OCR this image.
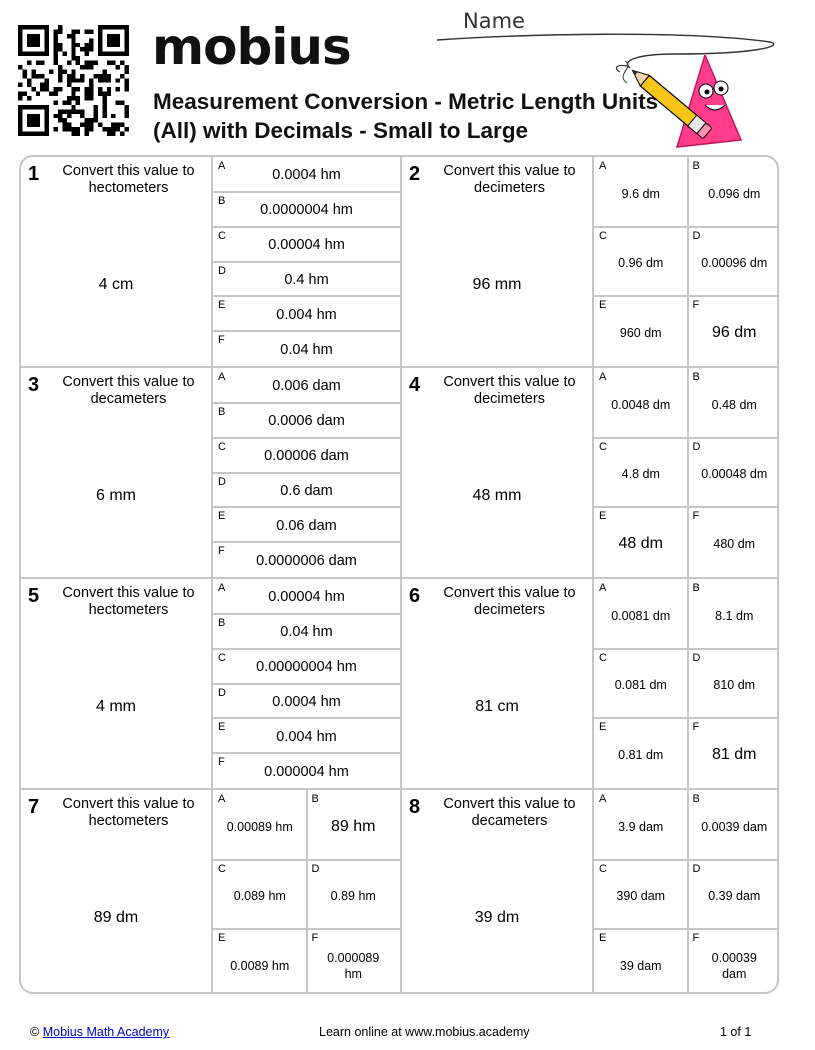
mobius
Measurement Conversion - Metric Length Units (All) with Decimals - Small to Large
Name
1	Convert this value to hectometers
4 cm
A
0.0004 hm
B
0.0000004 hm
C
0.00004 hm
D
0.4 hm
E
0.004 hm
F
0.04 hm
2	Convert this value to decimeters
96 mm
A
9.6 dm
B
0.096 dm
C
0.96 dm
D
0.00096 dm
E
960 dm
F
96 dm
3	Convert this value to decameters
6 mm
A
0.006 dam
B
0.0006 dam
C
0.00006 dam
D
0.6 dam
E
0.06 dam
F
0.0000006 dam
4	Convert this value to decimeters
48 mm
A
0.0048 dm
B
0.48 dm
C
4.8 dm
D
0.00048 dm
E
48 dm
F
480 dm
5	Convert this value to hectometers
4 mm
A
0.00004 hm
B
0.04 hm
C
0.00000004 hm
D
0.0004 hm
E
0.004 hm
F
0.000004 hm
6	Convert this value to decimeters
81 cm
A
0.0081 dm
B
8.1 dm
C
0.081 dm
D
810 dm
E
0.81 dm
F
81 dm
7	Convert this value to hectometers
89 dm
A
0.00089 hm
B
89 hm
C
0.089 hm
D
0.89 hm
E
0.0089 hm
F
0.000089 hm
8	Convert this value to decameters
39 dm
A
3.9 dam
B
0.0039 dam
C
390 dam
D
0.39 dam
E
39 dam
F
0.00039 dam
© Mobius Math Academy	Learn online at www.mobius.academy	1 of 1
